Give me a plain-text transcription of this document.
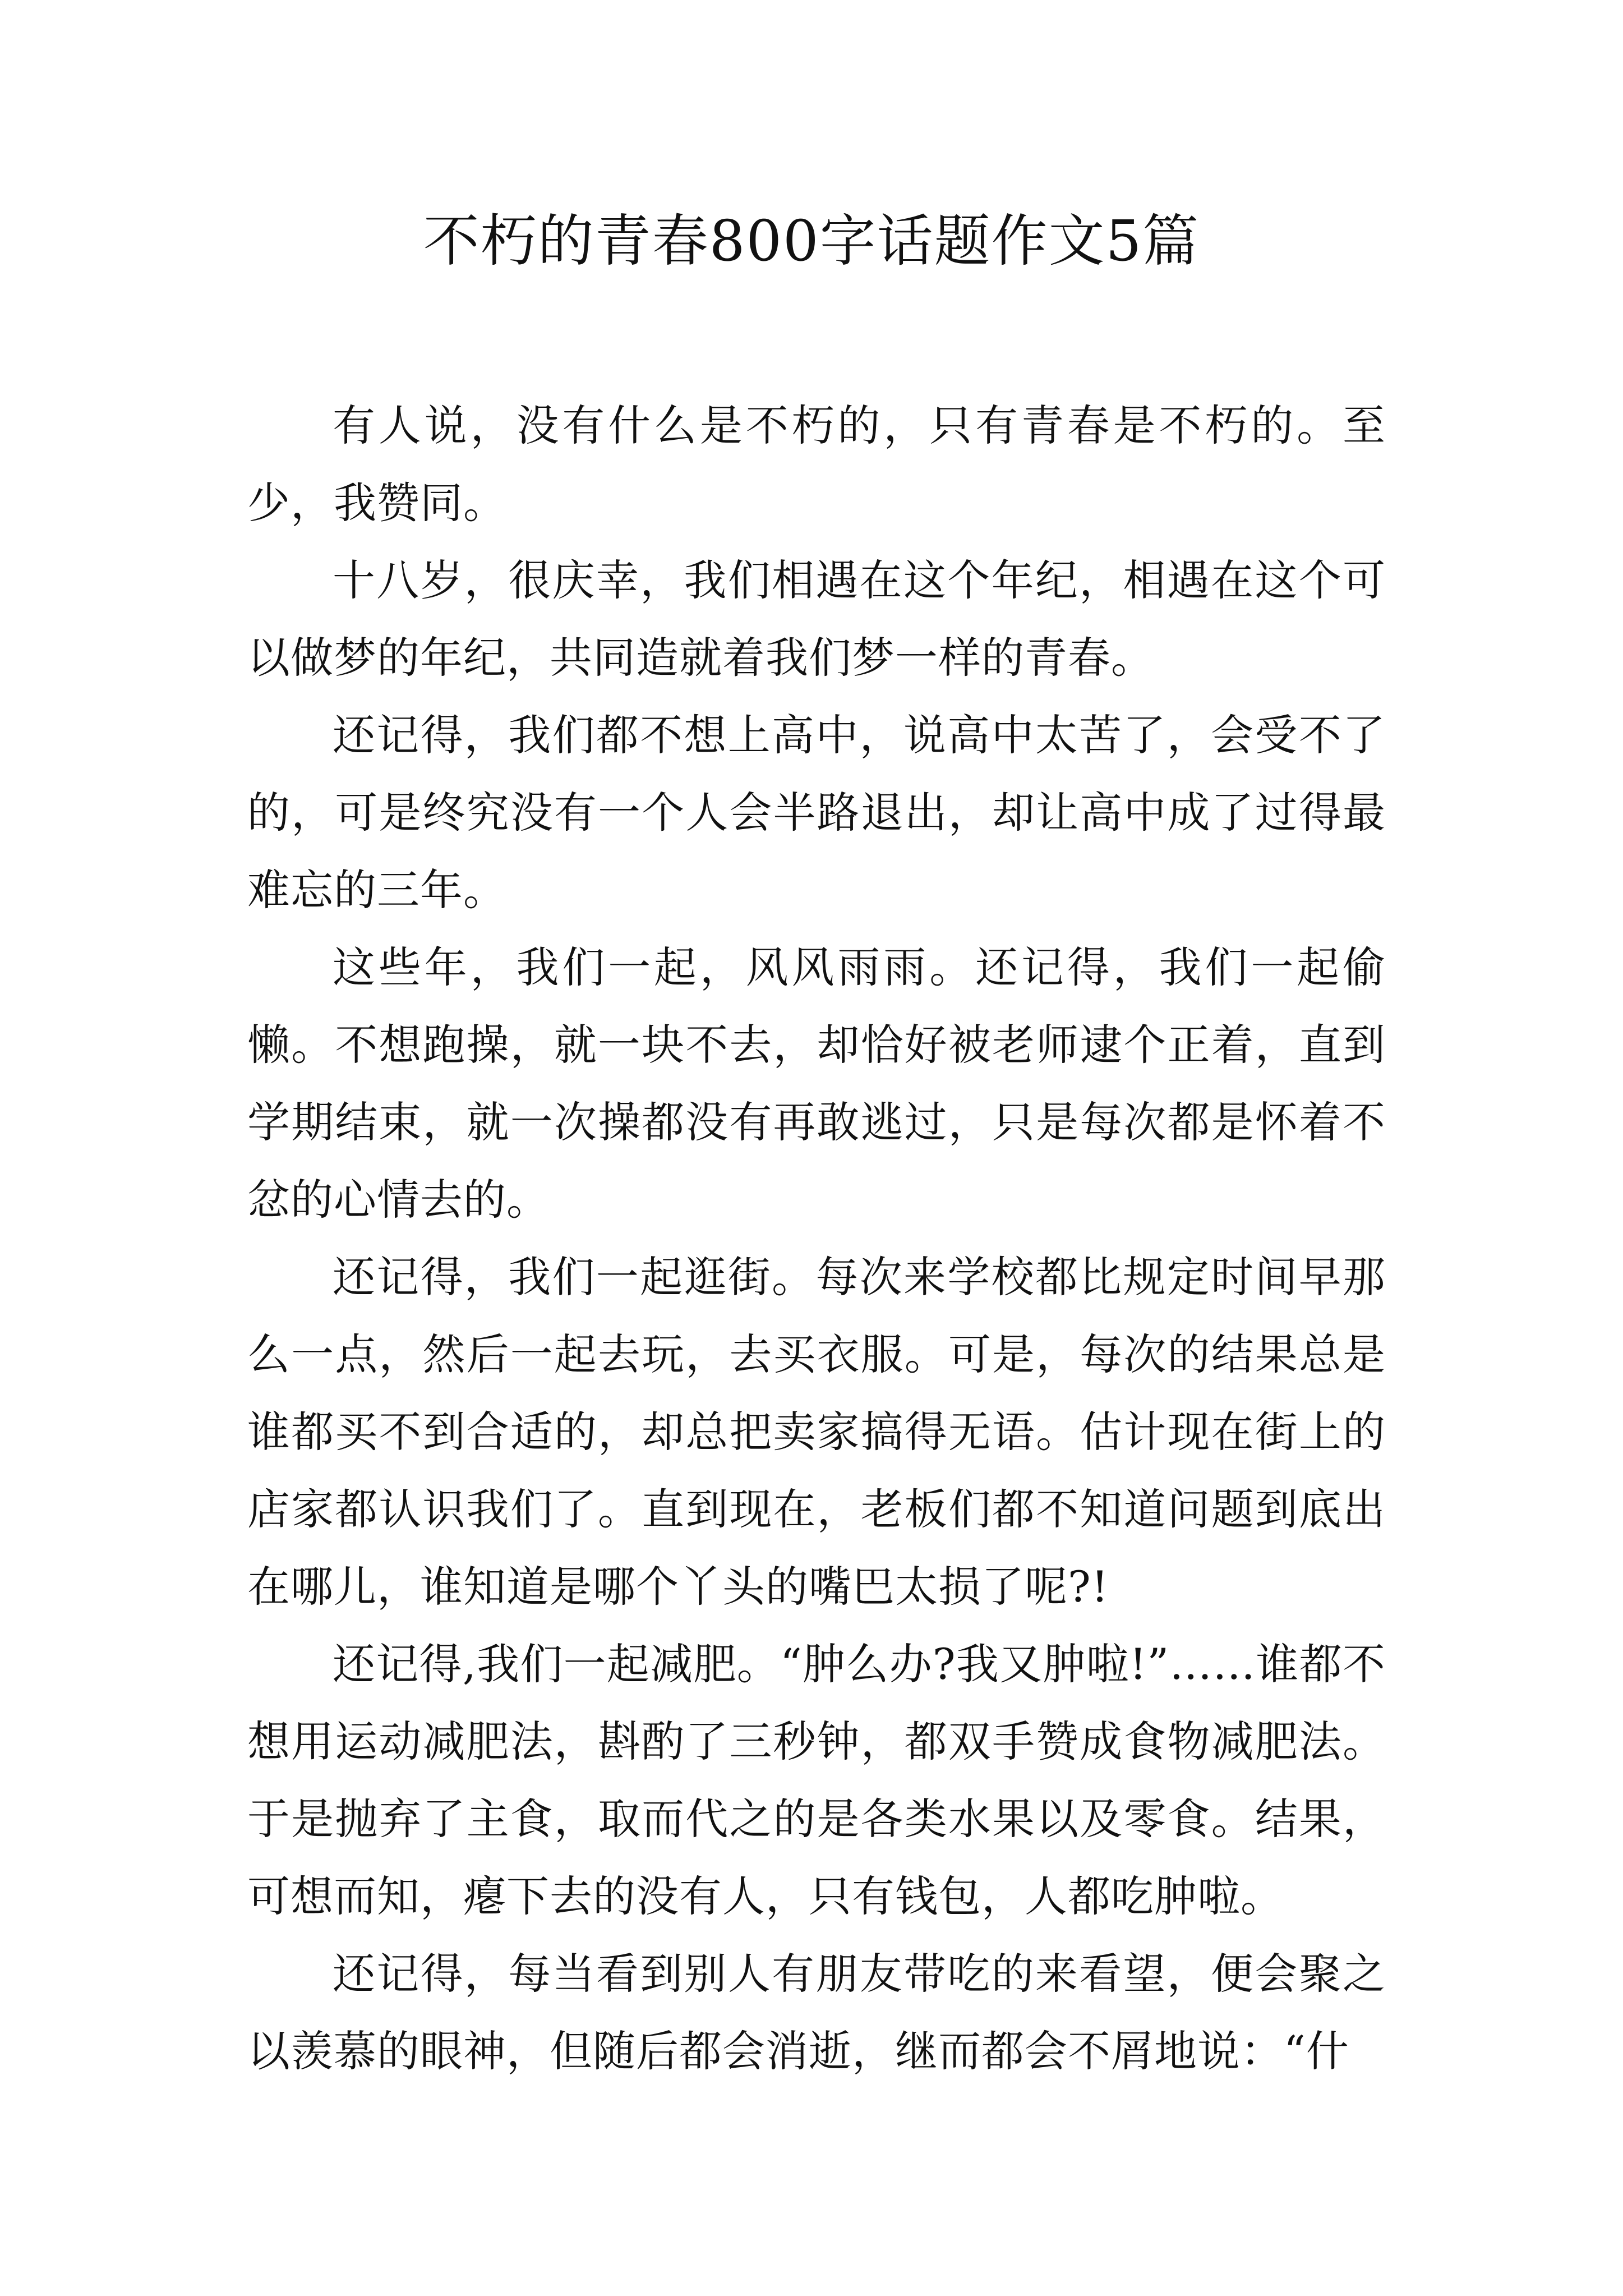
不朽的青春800字话题作文5篇

有人说，没有什么是不朽的，只有青春是不朽的。至少，我赞同。

十八岁，很庆幸，我们相遇在这个年纪，相遇在这个可以做梦的年纪，共同造就着我们梦一样的青春。

还记得，我们都不想上高中，说高中太苦了，会受不了的，可是终究没有一个人会半路退出，却让高中成了过得最难忘的三年。

这些年，我们一起，风风雨雨。还记得，我们一起偷懒。不想跑操，就一块不去，却恰好被老师逮个正着，直到学期结束，就一次操都没有再敢逃过，只是每次都是怀着不忿的心情去的。

还记得，我们一起逛街。每次来学校都比规定时间早那么一点，然后一起去玩，去买衣服。可是，每次的结果总是谁都买不到合适的，却总把卖家搞得无语。估计现在街上的店家都认识我们了。直到现在，老板们都不知道问题到底出在哪儿，谁知道是哪个丫头的嘴巴太损了呢?!

还记得,我们一起减肥。“肿么办?我又肿啦!”……谁都不想用运动减肥法，斟酌了三秒钟，都双手赞成食物减肥法。于是抛弃了主食，取而代之的是各类水果以及零食。结果，可想而知，瘪下去的没有人，只有钱包，人都吃肿啦。

还记得，每当看到别人有朋友带吃的来看望，便会聚之以羡慕的眼神，但随后都会消逝，继而都会不屑地说：“什
